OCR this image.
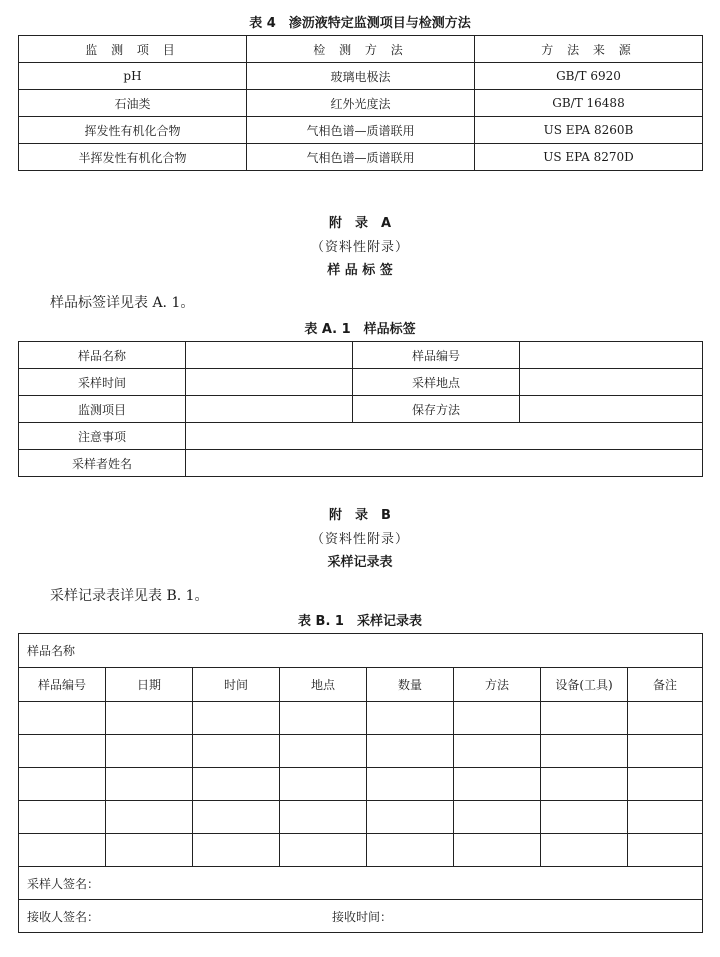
表 4　渗沥液特定监测项目与检测方法
监 测 项 目	检 测 方 法	方 法 来 源
pH	玻璃电极法	GB/T 6920
石油类	红外光度法	GB/T 16488
挥发性有机化合物	气相色谱—质谱联用	US EPA 8260B
半挥发性有机化合物	气相色谱—质谱联用	US EPA 8270D
附　录　A
（资料性附录）
样 品 标 签
样品标签详见表 A. 1。
表 A. 1　样品标签
样品名称		样品编号	
采样时间		采样地点	
监测项目		保存方法	
注意事项			
采样者姓名			
附　录　B
（资料性附录）
采样记录表
采样记录表详见表 B. 1。
表 B. 1　采样记录表
样品名称							
样品编号	日期	时间	地点	数量	方法	设备(工具)	备注

采样人签名：							
接收人签名： 接收时间：							
